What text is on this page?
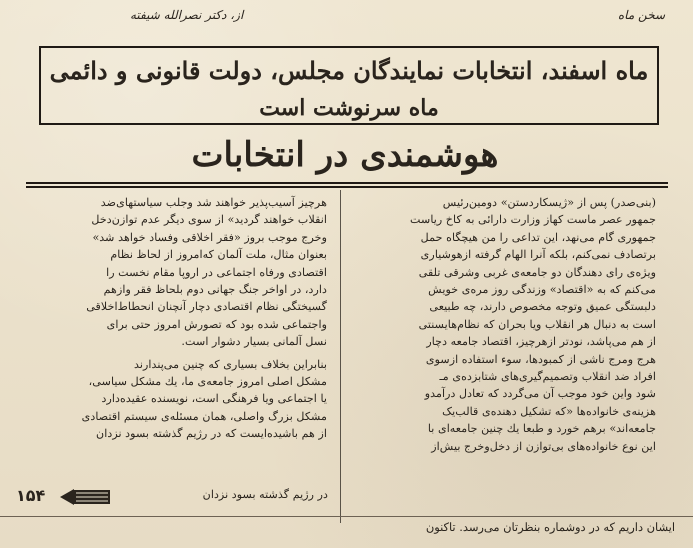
از، دکتر نصرالله شیفته	سخن ماه
ماه اسفند، انتخابات نمایندگان مجلس، دولت قانونی و دائمی
ماه سرنوشت است
هوشمندی در انتخابات
(بنی‌صدر) پس از «ژیسکاردستن» دومین‌رئیس
جمهور عصر ماست کهاز وزارت دارائی به کاخ ریاست
جمهوری گام می‌نهد، این تداعی را من هیچگاه حمل
برتصادف نمی‌کنم، بلکه آنرا الهام گرفته ازهوشیاری
ویژه‌ی رای دهندگان دو جامعه‌ی غربی وشرقی تلقی
می‌کنم که به «اقتصاد» وزندگی روز مره‌ی خویش
دلبستگی عمیق وتوجه مخصوص دارند، چه طبیعی
است به دنبال هر انقلاب ویا بحران که نظام‌هایسنتی
از هم می‌پاشد، نودتر ازهرچیز، اقتصاد جامعه دچار
هرج ومرج ناشی از کمبودها، سوء استفاده ازسوی
افراد ضد انقلاب وتصمیم‌گیری‌های شتابزده‌ی مـ
شود واین خود موجب آن می‌گردد که تعادل درآمدو
هزینه‌ی خانواده‌ها «که تشکیل دهنده‌ی قالب‌یک
جامعه‌اند» برهم خورد و طبعا یك چنین جامعه‌ای با
این نوع خانواده‌های بی‌توازن از دخل‌وخرج بیش‌از
هرچیز آسیب‌پذیر خواهند شد وجلب سیاستهای‌ضد
انقلاب خواهند گردید» از سوی دیگر عدم توازن‌دخل
وخرج موجب بروز «فقر اخلاقی وفساد خواهد شد»
بعنوان مثال، ملت آلمان که‌امروز از لحاظ نظام
اقتصادی ورفاه اجتماعی در اروپا مقام نخست را
دارد، در اواخر جنگ جهانی دوم بلحاظ فقر وازهم
گسیختگی نظام اقتصادی دچار آنچنان انحطاط‌اخلاقی
واجتماعی شده بود که تصورش امروز حتی برای
نسل آلمانی بسیار دشوار است.
بنابراین بخلاف بسیاری که چنین می‌پندارند
مشکل اصلی امروز جامعه‌ی ما، يك مشکل سیاسی،
یا اجتماعی ویا فرهنگی است، نویسنده عقیده‌دارد
مشکل بزرگ واصلی، همان مسئله‌ی سیستم اقتصادی
از هم باشیده‌ایست که در رژیم گذشته بسود نزدان
۱۵۴	در رژیم گذشته بسود نزدان
ایشان داریم که در دوشماره بنظرتان می‌رسد. تاکنون
